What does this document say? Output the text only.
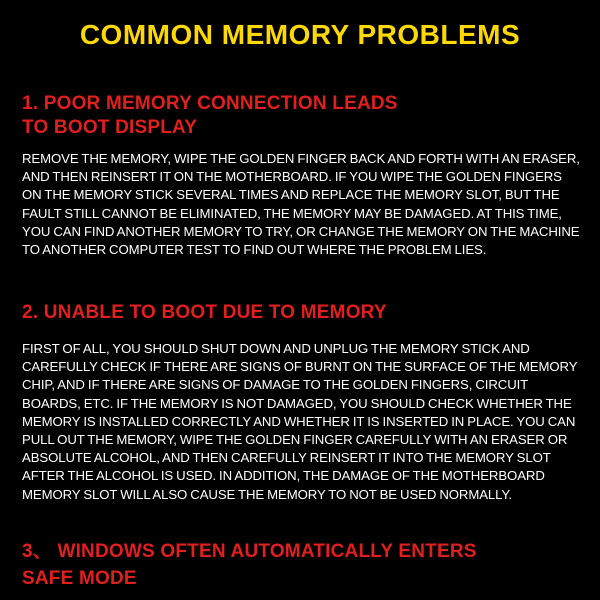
COMMON MEMORY PROBLEMS
1. POOR MEMORY CONNECTION LEADS
TO BOOT DISPLAY

REMOVE THE MEMORY, WIPE THE GOLDEN FINGER BACK AND FORTH WITH AN ERASER, AND THEN REINSERT IT ON THE MOTHERBOARD. IF YOU WIPE THE GOLDEN FINGERS ON THE MEMORY STICK SEVERAL TIMES AND REPLACE THE MEMORY SLOT, BUT THE FAULT STILL CANNOT BE ELIMINATED, THE MEMORY MAY BE DAMAGED. AT THIS TIME, YOU CAN FIND ANOTHER MEMORY TO TRY, OR CHANGE THE MEMORY ON THE MACHINE TO ANOTHER COMPUTER TEST TO FIND OUT WHERE THE PROBLEM LIES.

2. UNABLE TO BOOT DUE TO MEMORY

FIRST OF ALL, YOU SHOULD SHUT DOWN AND UNPLUG THE MEMORY STICK AND CAREFULLY CHECK IF THERE ARE SIGNS OF BURNT ON THE SURFACE OF THE MEMORY CHIP, AND IF THERE ARE SIGNS OF DAMAGE TO THE GOLDEN FINGERS, CIRCUIT BOARDS, ETC. IF THE MEMORY IS NOT DAMAGED, YOU SHOULD CHECK WHETHER THE MEMORY IS INSTALLED CORRECTLY AND WHETHER IT IS INSERTED IN PLACE. YOU CAN PULL OUT THE MEMORY, WIPE THE GOLDEN FINGER CAREFULLY WITH AN ERASER OR ABSOLUTE ALCOHOL, AND THEN CAREFULLY REINSERT IT INTO THE MEMORY SLOT AFTER THE ALCOHOL IS USED. IN ADDITION, THE DAMAGE OF THE MOTHERBOARD MEMORY SLOT WILL ALSO CAUSE THE MEMORY TO NOT BE USED NORMALLY.

3、 WINDOWS OFTEN AUTOMATICALLY ENTERS
SAFE MODE
